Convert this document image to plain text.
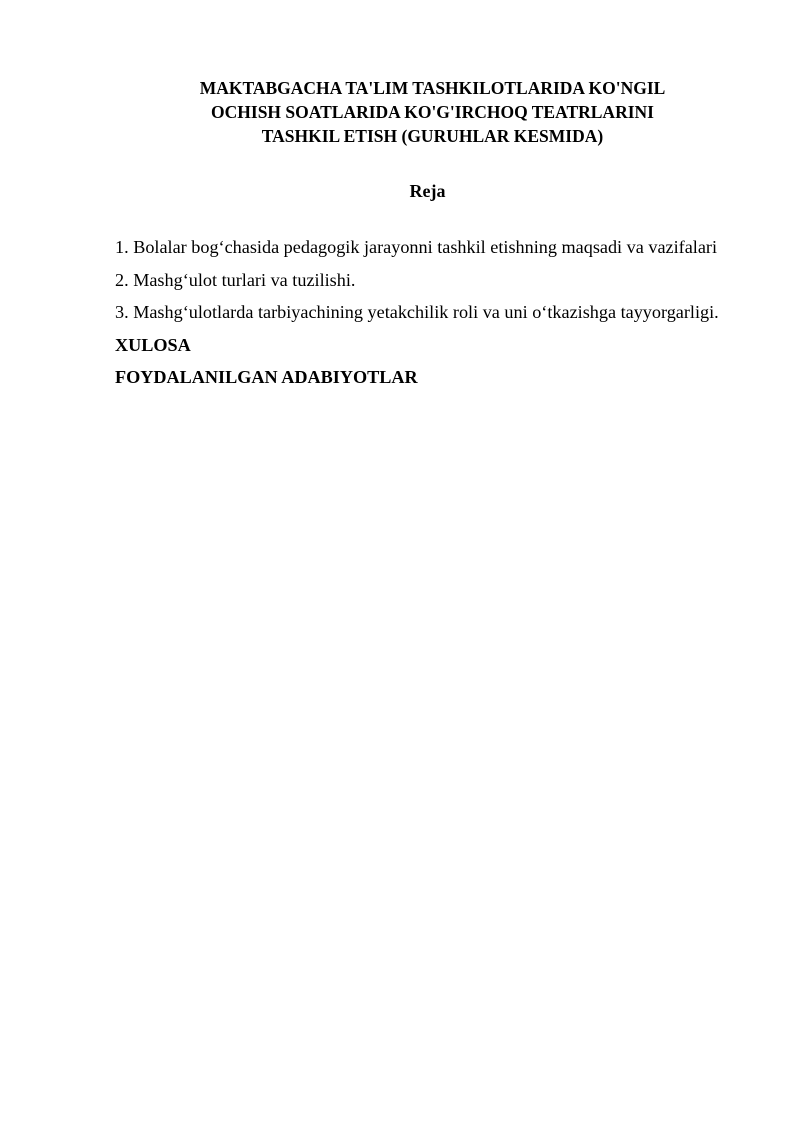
MAKTABGACHA TA'LIM TASHKILOTLARIDA KO'NGIL
OCHISH SOATLARIDA KO'G'IRCHOQ TEATRLARINI
TASHKIL ETISH (GURUHLAR KESMIDA)
Reja
1. Bolalar bog‘chasida pedagogik jarayonni tashkil etishning maqsadi va vazifalari
2. Mashg‘ulot turlari va tuzilishi.
3. Mashg‘ulotlarda tarbiyachining yetakchilik roli va uni o‘tkazishga tayyorgarligi.
XULOSA
FOYDALANILGAN ADABIYOTLAR
